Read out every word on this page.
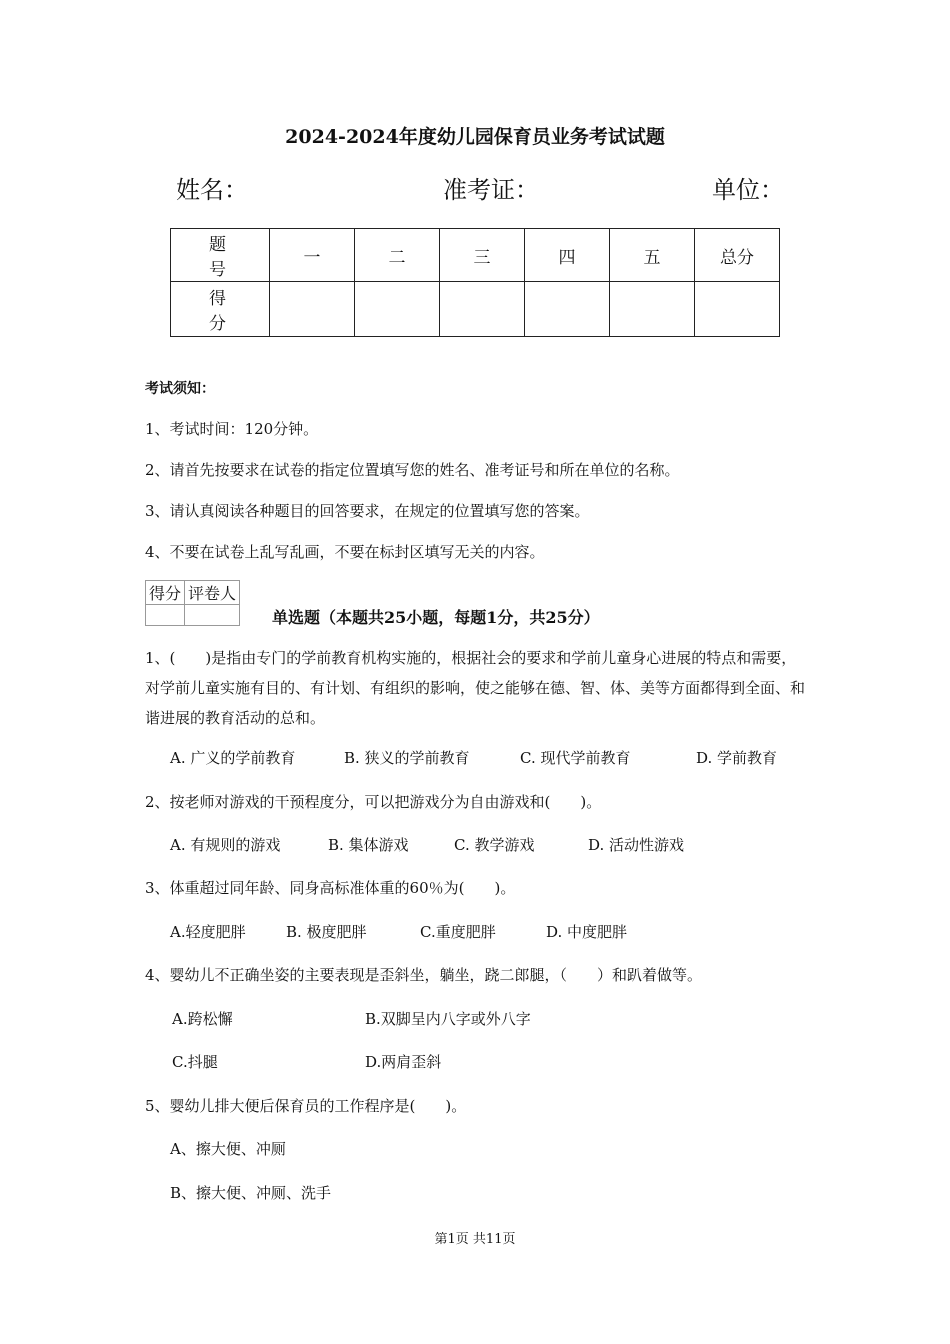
2024-2024年度幼儿园保育员业务考试试题
姓名：	准考证：	单位：
题 号	一	二	三	四	五	总分
得 分						
考试须知：
1、考试时间：120分钟。
2、请首先按要求在试卷的指定位置填写您的姓名、准考证号和所在单位的名称。
3、请认真阅读各种题目的回答要求，在规定的位置填写您的答案。
4、不要在试卷上乱写乱画，不要在标封区填写无关的内容。
得分	评卷人

单选题（本题共25小题，每题1分，共25分）
1、(　　)是指由专门的学前教育机构实施的，根据社会的要求和学前儿童身心进展的特点和需要，对学前儿童实施有目的、有计划、有组织的影响，使之能够在德、智、体、美等方面都得到全面、和谐进展的教育活动的总和。
A. 广义的学前教育	B. 狭义的学前教育	C. 现代学前教育	D. 学前教育
2、按老师对游戏的干预程度分，可以把游戏分为自由游戏和(　　)。
A. 有规则的游戏	B. 集体游戏	C. 教学游戏	D. 活动性游戏
3、体重超过同年龄、同身高标准体重的60％为(　　)。
A.轻度肥胖	B. 极度肥胖	C.重度肥胖	D. 中度肥胖
4、婴幼儿不正确坐姿的主要表现是歪斜坐，躺坐，跷二郎腿，（　　）和趴着做等。
A.跨松懈	B.双脚呈内八字或外八字
C.抖腿	D.两肩歪斜
5、婴幼儿排大便后保育员的工作程序是(　　)。
A、擦大便、冲厕
B、擦大便、冲厕、洗手
第1页 共11页
